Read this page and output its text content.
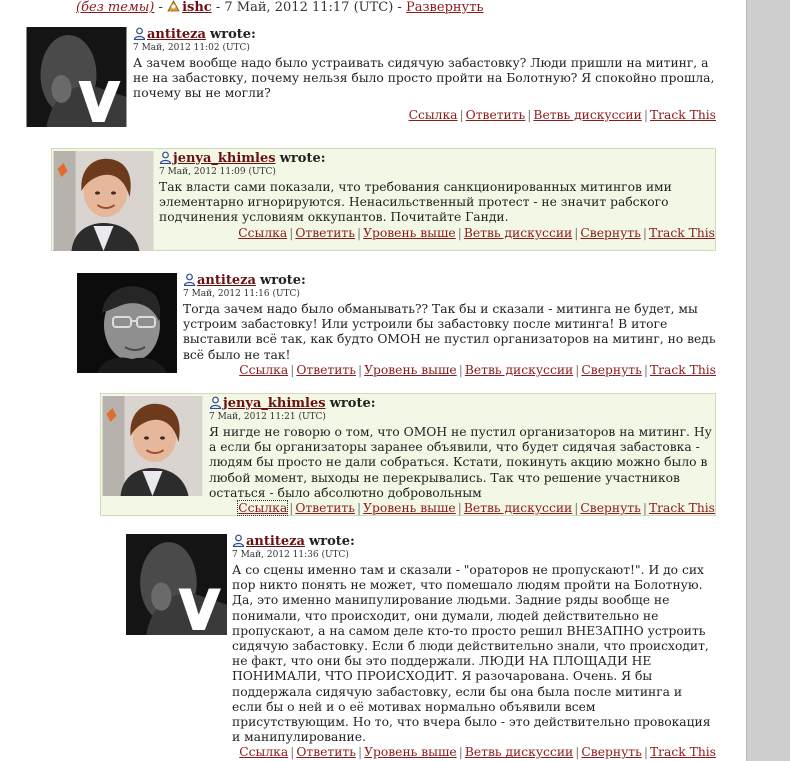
(без темы) - ishc - 7 Май, 2012 11:17 (UTC) - Развернуть
antiteza wrote:
7 Май, 2012 11:02 (UTC)
А зачем вообще надо было устраивать сидячую забастовку? Люди пришли на митинг, а не на забастовку, почему нельзя было просто пройти на Болотную? Я спокойно прошла, почему вы не могли?
Ссылка | Ответить | Ветвь дискуссии | Track This
jenya_khimles wrote:
7 Май, 2012 11:09 (UTC)
Так власти сами показали, что требования санкционированных митингов ими элементарно игнорируются. Ненасильственный протест - не значит рабского подчинения условиям оккупантов. Почитайте Ганди.
Ссылка | Ответить | Уровень выше | Ветвь дискуссии | Свернуть | Track This
antiteza wrote:
7 Май, 2012 11:16 (UTC)
Тогда зачем надо было обманывать?? Так бы и сказали - митинга не будет, мы устроим забастовку! Или устроили бы забастовку после митинга! В итоге выставили всё так, как будто ОМОН не пустил организаторов на митинг, но ведь всё было не так!
Ссылка | Ответить | Уровень выше | Ветвь дискуссии | Свернуть | Track This
jenya_khimles wrote:
7 Май, 2012 11:21 (UTC)
Я нигде не говорю о том, что ОМОН не пустил организаторов на митинг. Ну а если бы организаторы заранее объявили, что будет сидячая забастовка - людям бы просто не дали собраться. Кстати, покинуть акцию можно было в любой момент, выходы не перекрывались. Так что решение участников остаться - было абсолютно добровольным
Ссылка | Ответить | Уровень выше | Ветвь дискуссии | Свернуть | Track This
antiteza wrote:
7 Май, 2012 11:36 (UTC)
А со сцены именно там и сказали - "ораторов не пропускают!". И до сих пор никто понять не может, что помешало людям пройти на Болотную. Да, это именно манипулирование людьми. Задние ряды вообще не понимали, что происходит, они думали, людей действительно не пропускают, а на самом деле кто-то просто решил ВНЕЗАПНО устроить сидячую забастовку. Если б люди действительно знали, что происходит, не факт, что они бы это поддержали. ЛЮДИ НА ПЛОЩАДИ НЕ ПОНИМАЛИ, ЧТО ПРОИСХОДИТ. Я разочарована. Очень. Я бы поддержала сидячую забастовку, если бы она была после митинга и если бы о ней и о её мотивах нормально объявили всем присутствующим. Но то, что вчера было - это действительно провокация и манипулирование.
Ссылка | Ответить | Уровень выше | Ветвь дискуссии | Свернуть | Track This
